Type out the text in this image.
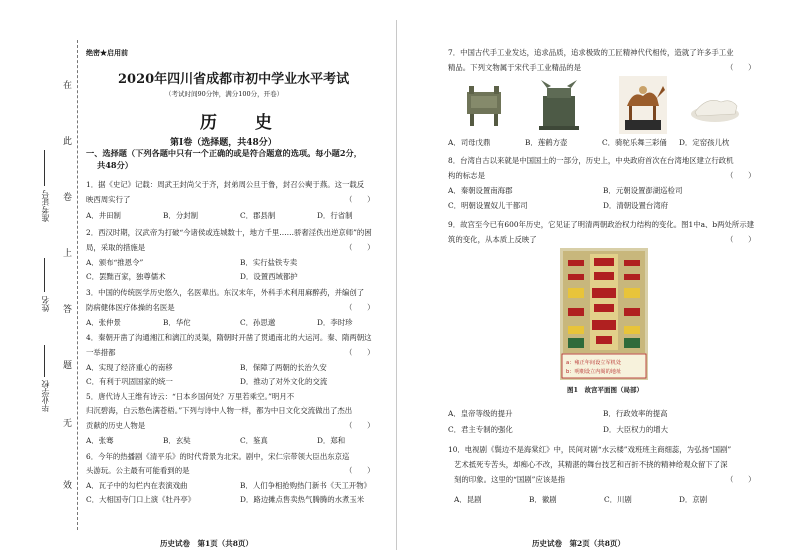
在
此
卷
上
答
题
无
效
准考证号
姓名
毕业学校
绝密★启用前
2020年四川省成都市初中学业水平考试
（考试时间90分钟，满分100分，开卷）
历 史
第Ⅰ卷（选择题，共48分）
一、选择题（下列各题中只有一个正确的或是符合题意的选项。每小题2分，
共48分）
1．据《史记》记载：周武王封尚父于齐，封弟周公旦于鲁，封召公奭于燕。这一载反
映西周实行了	（　　）
A．井田制	B．分封制	C．郡县制	D．行省制
2．西汉时期，汉武帝为打破“今诸侯或连城数十，地方千里……骄奢淫佚出逆京师”的困
局，采取的措施是	（　　）
A．颁布“推恩令”	B．实行盐铁专卖
C．罢黜百家，独尊儒术	D．设置西域都护
3．中国的传统医学历史悠久，名医辈出。东汉末年，外科手术利用麻醉药，并编创了
防病健体医疗体操的名医是	（　　）
A．张仲景	B．华佗	C．孙思邈	D．李时珍
4．秦朝开凿了沟通湘江和漓江的灵渠，隋朝时开凿了贯通南北的大运河。秦、隋两朝这
一举措都	（　　）
A．实现了经济重心的南移	B．保障了两朝的长治久安
C．有利于巩固国家的统一	D．推动了对外文化的交流
5．唐代诗人王维有诗云：“日本乡国何处？万里若乘空。”明月不
归沉碧海，白云愁色满苍梧。”下列与诗中人物一样，都为中日文化交流做出了杰出
贡献的历史人物是	（　　）
A．张骞	B．玄奘	C．鉴真	D．郑和
6．今年的热播剧《清平乐》的时代背景为北宋。剧中，宋仁宗带领大臣出东京巡
头游玩。公主最有可能看到的是	（　　）
A．瓦子中的勾栏内在表演戏曲	B．人们争相抢购热门新书《天工开物》
C．大相国寺门口上演《牡丹亭》	D．路边摊点售卖热气腾腾的水煮玉米
历史试卷　第1页（共8页）
7．中国古代手工业发达，追求品质，追求极致的工匠精神代代相传，造就了许多手工业
精品。下列文物属于宋代手工业精品的是	（　　）
A．司母戊鼎	B．莲鹤方壶	C．骑驼乐舞三彩俑 D．定窑孩儿枕
8．台湾自古以来就是中国国土的一部分，历史上，中央政府首次在台湾地区建立行政机
构的标志是	（　　）
A．秦朝设置南海郡	B．元朝设置澎湖巡检司
C．明朝设置奴儿干都司	D．清朝设置台湾府
9．故宫至今已有600年历史，它见证了明清两朝政治权力结构的变化。图1中a、b两处所示建
筑的变化，从本质上反映了	（　　）
a：雍正年间设立军机处
b：明朝设立内阁的地址
图1　故宫平面图（局部）
A．皇帝等级的提升	B．行政效率的提高
C．君主专制的强化	D．大臣权力的增大
10．电视剧《鬓边不是海棠红》中，民间对剧“水云楼”戏班班主商细蕊，为弘扬“国剧”
艺术抵死专苦头，却痴心不改，其精湛的舞台技艺和百折不挠的精神给观众留下了深
刻的印象。这里的“国剧”应该是指	（　　）
A．昆剧	B．徽剧	C．川剧	D．京剧
历史试卷　第2页（共8页）
